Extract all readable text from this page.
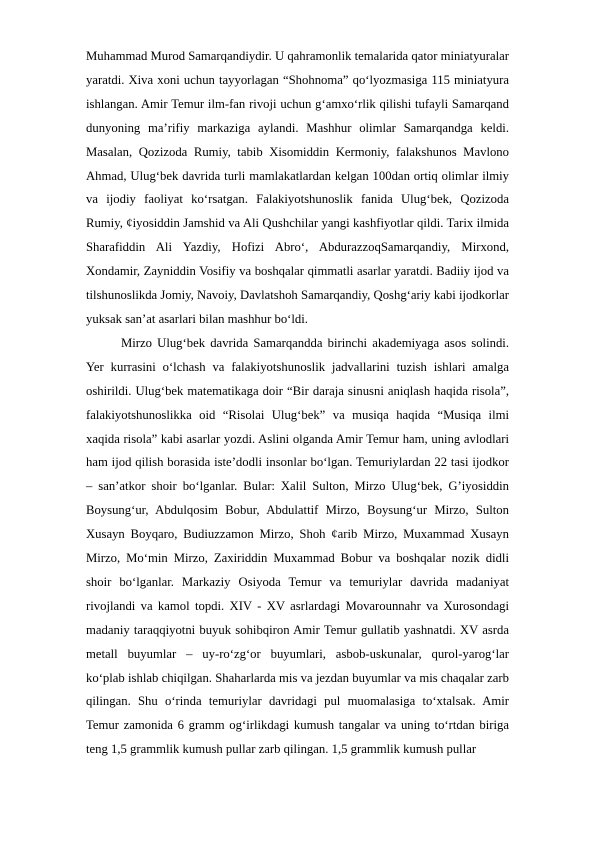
Muhammad Murod Samarqandiydir. U qahramonlik temalarida qator miniatyuralar yaratdi. Xiva xoni uchun tayyorlagan “Shohnoma” qo‘lyozmasiga 115 miniatyura ishlangan. Amir Temur ilm-fan rivoji uchun g‘amxo‘rlik qilishi tufayli Samarqand dunyoning ma’rifiy markaziga aylandi. Mashhur olimlar Samarqandga keldi. Masalan, Qozizoda Rumiy, tabib Xisomiddin Kermoniy, falakshunos Mavlono Ahmad, Ulug‘bek davrida turli mamlakatlardan kelgan 100dan ortiq olimlar ilmiy va ijodiy faoliyat ko‘rsatgan. Falakiyotshunoslik fanida Ulug‘bek, Qozizoda Rumiy, ¢iyosiddin Jamshid va Ali Qushchilar yangi kashfiyotlar qildi. Tarix ilmida Sharafiddin Ali Yazdiy, Hofizi Abro‘, AbdurazzoqSamarqandiy, Mirxond, Xondamir, Zayniddin Vosifiy va boshqalar qimmatli asarlar yaratdi. Badiiy ijod va tilshunoslikda Jomiy, Navoiy, Davlatshoh Samarqandiy, Qoshg‘ariy kabi ijodkorlar yuksak san’at asarlari bilan mashhur bo‘ldi.

Mirzo Ulug‘bek davrida Samarqandda birinchi akademiyaga asos solindi. Yer kurrasini o‘lchash va falakiyotshunoslik jadvallarini tuzish ishlari amalga oshirildi. Ulug‘bek matematikaga doir “Bir daraja sinusni aniqlash haqida risola”, falakiyotshunoslikka oid “Risolai Ulug‘bek” va musiqa haqida “Musiqa ilmi xaqida risola” kabi asarlar yozdi. Aslini olganda Amir Temur ham, uning avlodlari ham ijod qilish borasida iste’dodli insonlar bo‘lgan. Temuriylardan 22 tasi ijodkor – san’atkor shoir bo‘lganlar. Bular: Xalil Sulton, Mirzo Ulug‘bek, G’iyosiddin Boysung‘ur, Abdulqosim Bobur, Abdulattif Mirzo, Boysung‘ur Mirzo, Sulton Xusayn Boyqaro, Budiuzzamon Mirzo, Shoh ¢arib Mirzo, Muxammad Xusayn Mirzo, Mo‘min Mirzo, Zaxiriddin Muxammad Bobur va boshqalar nozik didli shoir bo‘lganlar. Markaziy Osiyoda Temur va temuriylar davrida madaniyat rivojlandi va kamol topdi. XIV - XV asrlardagi Movarounnahr va Xurosondagi madaniy taraqqiyotni buyuk sohibqiron Amir Temur gullatib yashnatdi. XV asrda metall buyumlar – uy-ro‘zg‘or buyumlari, asbob-uskunalar, qurol-yarog‘lar ko‘plab ishlab chiqilgan. Shaharlarda mis va jezdan buyumlar va mis chaqalar zarb qilingan. Shu o‘rinda temuriylar davridagi pul muomalasiga to‘xtalsak. Amir Temur zamonida 6 gramm og‘irlikdagi kumush tangalar va uning to‘rtdan biriga teng 1,5 grammlik kumush pullar zarb qilingan. 1,5 grammlik kumush pullar
